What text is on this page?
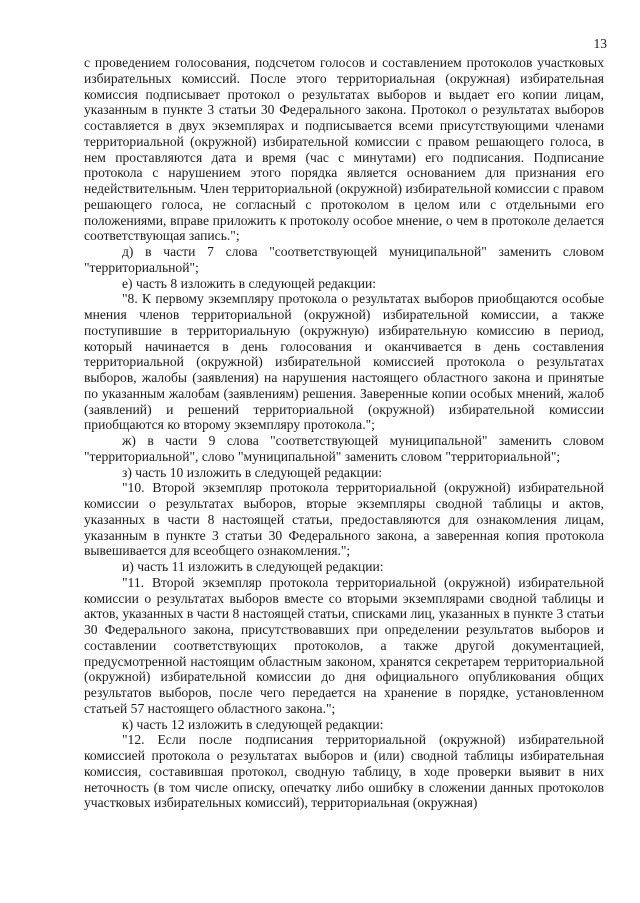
13

с проведением голосования, подсчетом голосов и составлением протоколов участковых избирательных комиссий. После этого территориальная (окружная) избирательная комиссия подписывает протокол о результатах выборов и выдает его копии лицам, указанным в пункте 3 статьи 30 Федерального закона. Протокол о результатах выборов составляется в двух экземплярах и подписывается всеми присутствующими членами территориальной (окружной) избирательной комиссии с правом решающего голоса, в нем проставляются дата и время (час с минутами) его подписания. Подписание протокола с нарушением этого порядка является основанием для признания его недействительным. Член территориальной (окружной) избирательной комиссии с правом решающего голоса, не согласный с протоколом в целом или с отдельными его положениями, вправе приложить к протоколу особое мнение, о чем в протоколе делается соответствующая запись.";

д) в части 7 слова "соответствующей муниципальной" заменить словом "территориальной";

е) часть 8 изложить в следующей редакции:

"8. К первому экземпляру протокола о результатах выборов приобщаются особые мнения членов территориальной (окружной) избирательной комиссии, а также поступившие в территориальную (окружную) избирательную комиссию в период, который начинается в день голосования и оканчивается в день составления территориальной (окружной) избирательной комиссией протокола о результатах выборов, жалобы (заявления) на нарушения настоящего областного закона и принятые по указанным жалобам (заявлениям) решения. Заверенные копии особых мнений, жалоб (заявлений) и решений территориальной (окружной) избирательной комиссии приобщаются ко второму экземпляру протокола.";

ж) в части 9 слова "соответствующей муниципальной" заменить словом "территориальной", слово "муниципальной" заменить словом "территориальной";

з) часть 10 изложить в следующей редакции:

"10. Второй экземпляр протокола территориальной (окружной) избирательной комиссии о результатах выборов, вторые экземпляры сводной таблицы и актов, указанных в части 8 настоящей статьи, предоставляются для ознакомления лицам, указанным в пункте 3 статьи 30 Федерального закона, а заверенная копия протокола вывешивается для всеобщего ознакомления.";

и) часть 11 изложить в следующей редакции:

"11. Второй экземпляр протокола территориальной (окружной) избирательной комиссии о результатах выборов вместе со вторыми экземплярами сводной таблицы и актов, указанных в части 8 настоящей статьи, списками лиц, указанных в пункте 3 статьи 30 Федерального закона, присутствовавших при определении результатов выборов и составлении соответствующих протоколов, а также другой документацией, предусмотренной настоящим областным законом, хранятся секретарем территориальной (окружной) избирательной комиссии до дня официального опубликования общих результатов выборов, после чего передается на хранение в порядке, установленном статьей 57 настоящего областного закона.";

к) часть 12 изложить в следующей редакции:

"12. Если после подписания территориальной (окружной) избирательной комиссией протокола о результатах выборов и (или) сводной таблицы избирательная комиссия, составившая протокол, сводную таблицу, в ходе проверки выявит в них неточность (в том числе описку, опечатку либо ошибку в сложении данных протоколов участковых избирательных комиссий), территориальная (окружная)
